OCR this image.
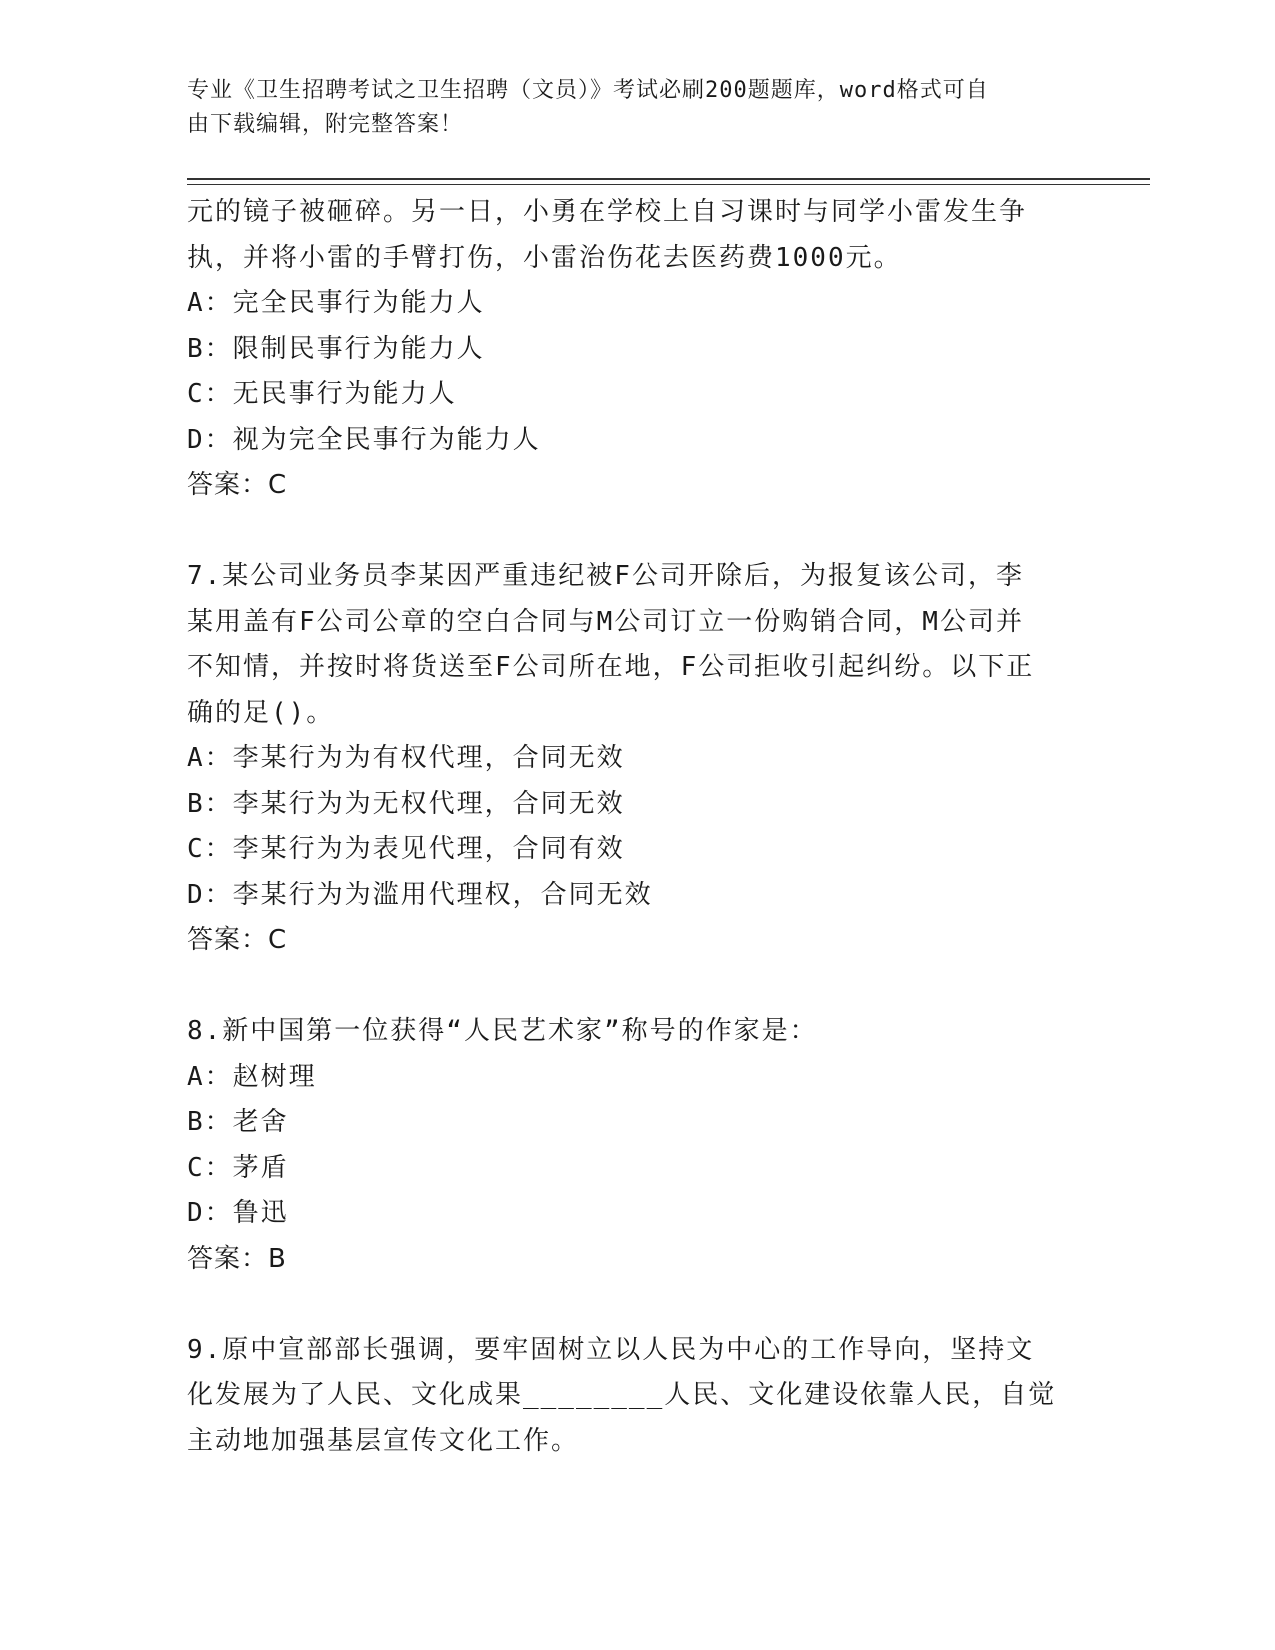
专业《卫生招聘考试之卫生招聘（文员）》考试必刷200题题库，word格式可自
由下载编辑，附完整答案！
元的镜子被砸碎。另一日，小勇在学校上自习课时与同学小雷发生争
执，并将小雷的手臂打伤，小雷治伤花去医药费1000元。
A：完全民事行为能力人
B：限制民事行为能力人
C：无民事行为能力人
D：视为完全民事行为能力人
答案：C
7.某公司业务员李某因严重违纪被F公司开除后，为报复该公司，李
某用盖有F公司公章的空白合同与M公司订立一份购销合同，M公司并
不知情，并按时将货送至F公司所在地，F公司拒收引起纠纷。以下正
确的足()。
A：李某行为为有权代理，合同无效
B：李某行为为无权代理，合同无效
C：李某行为为表见代理，合同有效
D：李某行为为滥用代理权，合同无效
答案：C
8.新中国第一位获得“人民艺术家”称号的作家是：
A：赵树理
B：老舍
C：茅盾
D：鲁迅
答案：B
9.原中宣部部长强调，要牢固树立以人民为中心的工作导向，坚持文
化发展为了人民、文化成果________人民、文化建设依靠人民，自觉
主动地加强基层宣传文化工作。
